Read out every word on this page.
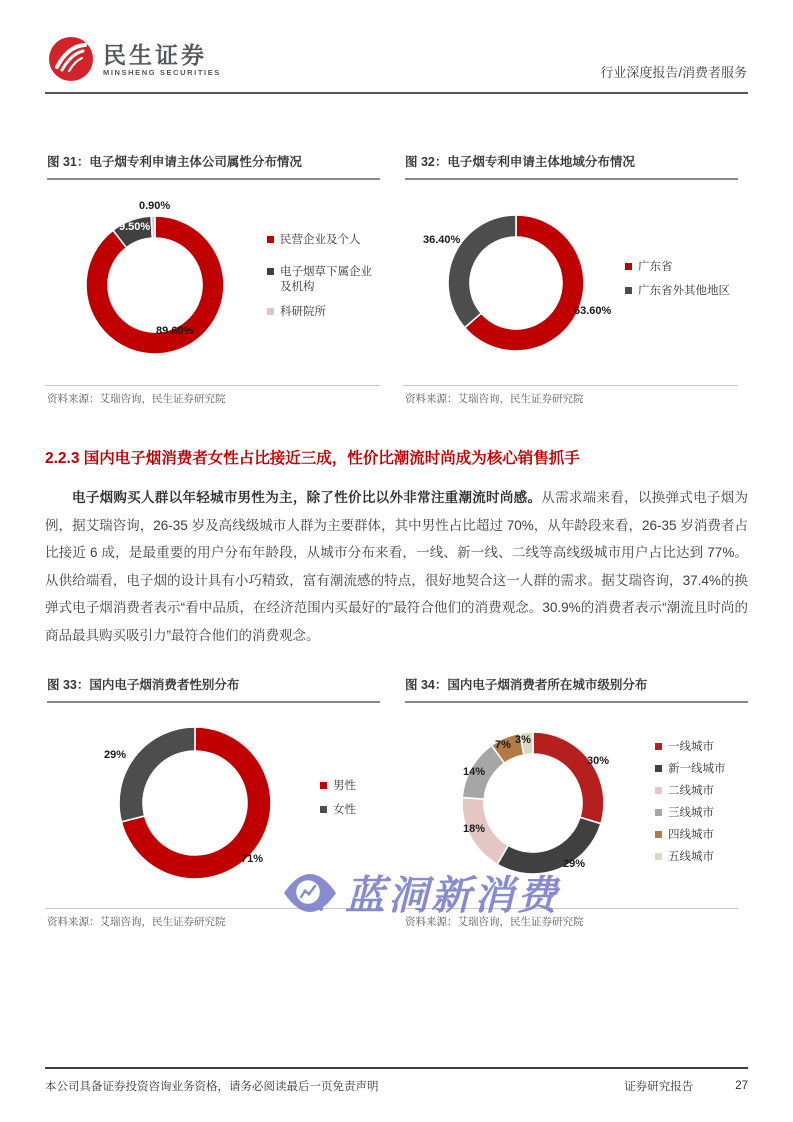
民生证券
MINSHENG SECURITIES	行业深度报告/消费者服务
图 31：电子烟专利申请主体公司属性分布情况
89.60%
9.50%
0.90%
民营企业及个人
电子烟草下属企业及机构
科研院所
资料来源：艾瑞咨询，民生证券研究院
图 32：电子烟专利申请主体地域分布情况
63.60%
36.40%
广东省
广东省外其他地区
资料来源：艾瑞咨询，民生证券研究院
2.2.3 国内电子烟消费者女性占比接近三成，性价比潮流时尚成为核心销售抓手
电子烟购买人群以年轻城市男性为主，除了性价比以外非常注重潮流时尚感。从需求端来看，以换弹式电子烟为例，据艾瑞咨询，26-35 岁及高线级城市人群为主要群体，其中男性占比超过 70%，从年龄段来看，26-35 岁消费者占比接近 6 成，是最重要的用户分布年龄段，从城市分布来看，一线、新一线、二线等高线级城市用户占比达到 77%。从供给端看，电子烟的设计具有小巧精致，富有潮流感的特点，很好地契合这一人群的需求。据艾瑞咨询，37.4%的换弹式电子烟消费者表示“看中品质，在经济范围内买最好的”最符合他们的消费观念。30.9%的消费者表示“潮流且时尚的商品最具购买吸引力”最符合他们的消费观念。
图 33：国内电子烟消费者性别分布
71%
29%
男性
女性
资料来源：艾瑞咨询，民生证券研究院
图 34：国内电子烟消费者所在城市级别分布
30%
29%
18%
14%
7% 3%
一线城市
新一线城市
二线城市
三线城市
四线城市
五线城市
资料来源：艾瑞咨询，民生证券研究院
蓝洞新消费
本公司具备证券投资咨询业务资格，请务必阅读最后一页免责声明	证券研究报告	27
